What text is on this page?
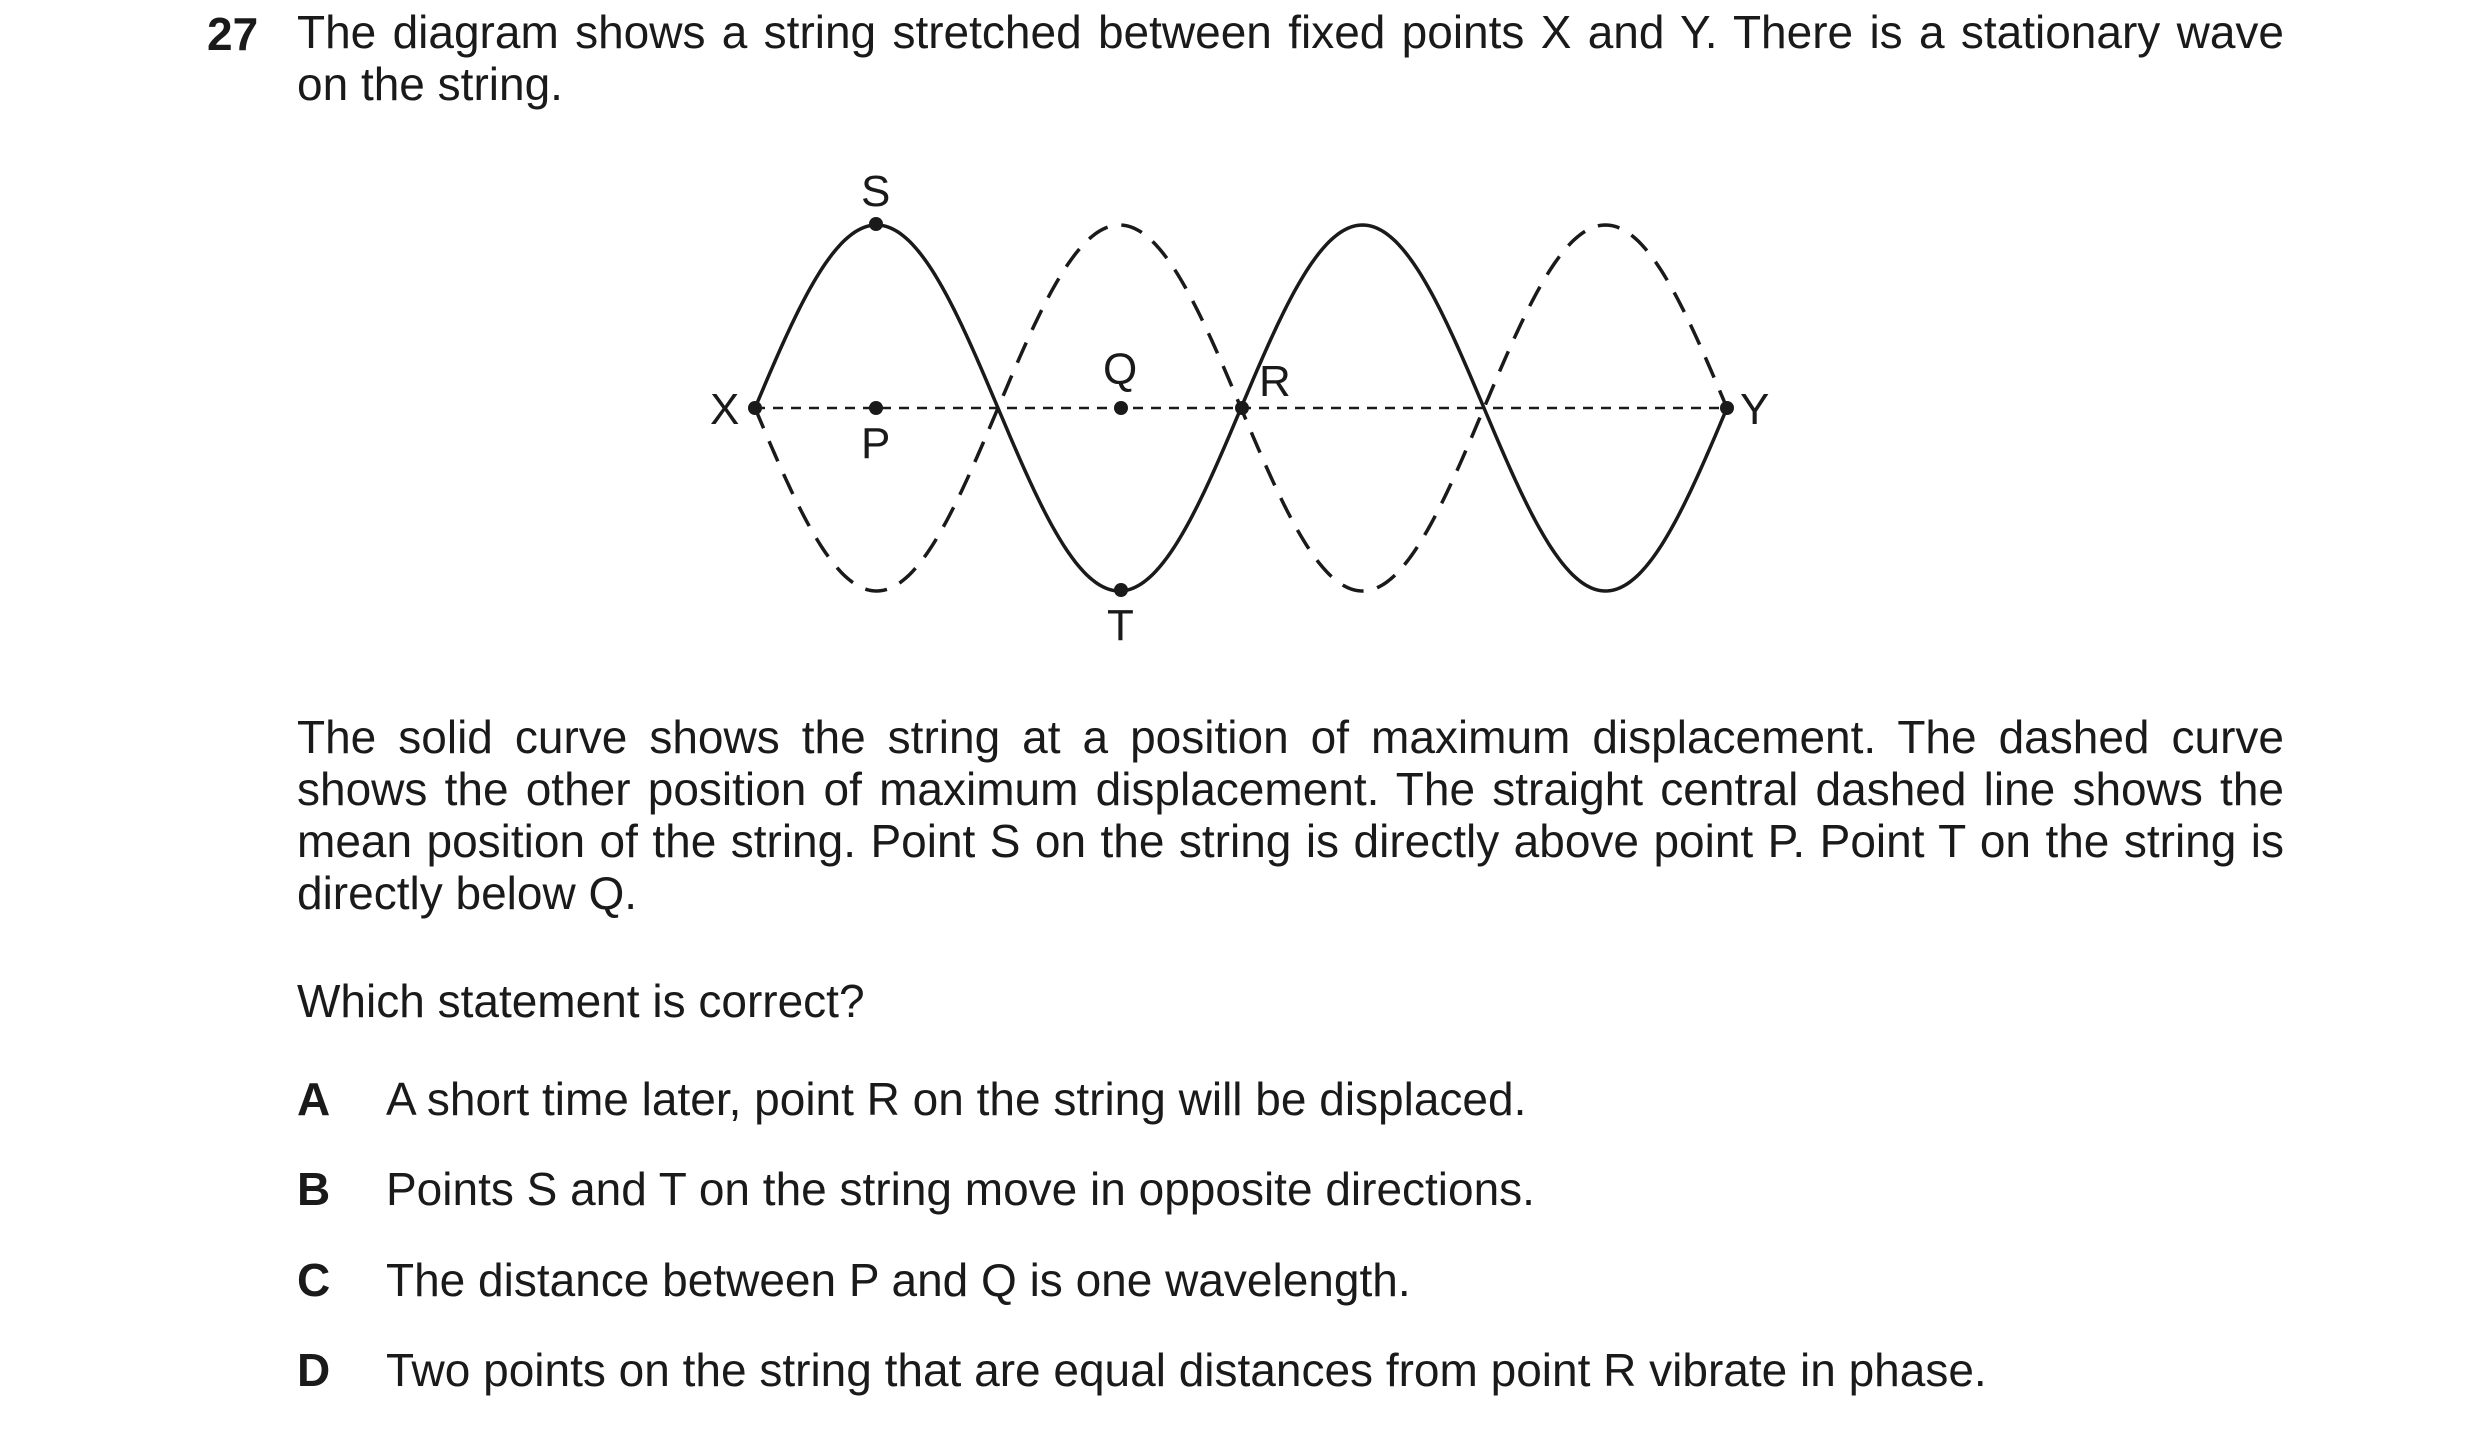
27 The diagram shows a string stretched between fixed points X and Y. There is a stationary wave on the string.
X	Y
S
P
Q	R
T
The solid curve shows the string at a position of maximum displacement. The dashed curve shows the other position of maximum displacement. The straight central dashed line shows the mean position of the string. Point S on the string is directly above point P. Point T on the string is directly below Q.
Which statement is correct?
A A short time later, point R on the string will be displaced.
B Points S and T on the string move in opposite directions.
C The distance between P and Q is one wavelength.
D Two points on the string that are equal distances from point R vibrate in phase.
